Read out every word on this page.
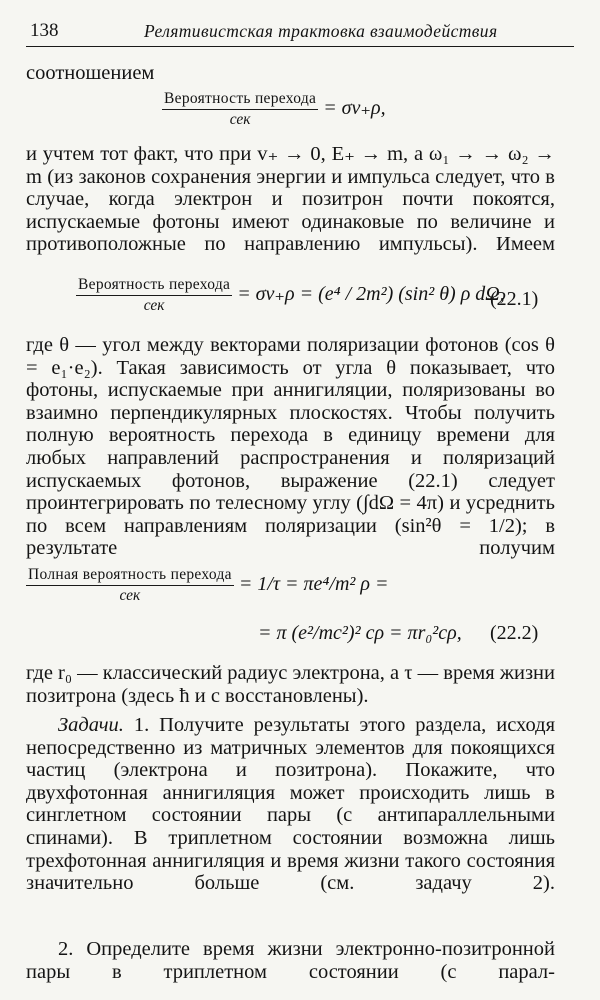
138	Релятивистская трактовка взаимодействия

соотношением

$\frac{\text{Вероятность перехода}}{\text{сек}} = \sigma v_+\rho$,

и учтем тот факт, что при v₊ → 0, E₊ → m, а ω₁ → → ω₂ → m (из законов сохранения энергии и импульса следует, что в случае, когда электрон и позитрон почти покоятся, испускаемые фотоны имеют одинаковые по величине и противоположные по направлению импульсы). Имеем

$\frac{\text{Вероятность перехода}}{\text{сек}} = \sigma v_+\rho = (e^4 / 2m^2)$ (sin² θ) ρ dΩ,
(22.1)

где θ — угол между векторами поляризации фотонов (cos θ = e₁·e₂). Такая зависимость от угла θ показывает, что фотоны, испускаемые при аннигиляции, поляризованы во взаимно перпендикулярных плоскостях. Чтобы получить полную вероятность перехода в единицу времени для любых направлений распространения и поляризаций испускаемых фотонов, выражение (22.1) следует проинтегрировать по телесному углу (∫dΩ = 4π) и усреднить по всем направлениям поляризации (sin²θ = 1/2); в результате получим

$\frac{\text{Полная вероятность перехода}}{\text{сек}} = 1/\tau = \pi e^4/m^2$ ρ =
= π (e²/mc²)² cρ = πr₀²cρ, (22.2)

где r₀ — классический радиус электрона, а τ — время жизни позитрона (здесь ħ и c восстановлены).

Задачи. 1. Получите результаты этого раздела, исходя непосредственно из матричных элементов для покоящихся частиц (электрона и позитрона). Покажите, что двухфотонная аннигиляция может происходить лишь в синглетном состоянии пары (с антипараллельными спинами). В триплетном состоянии возможна лишь трехфотонная аннигиляция и время жизни такого состояния значительно больше (см. задачу 2).

2. Определите время жизни электронно-позитронной пары в триплетном состоянии (с парал-
